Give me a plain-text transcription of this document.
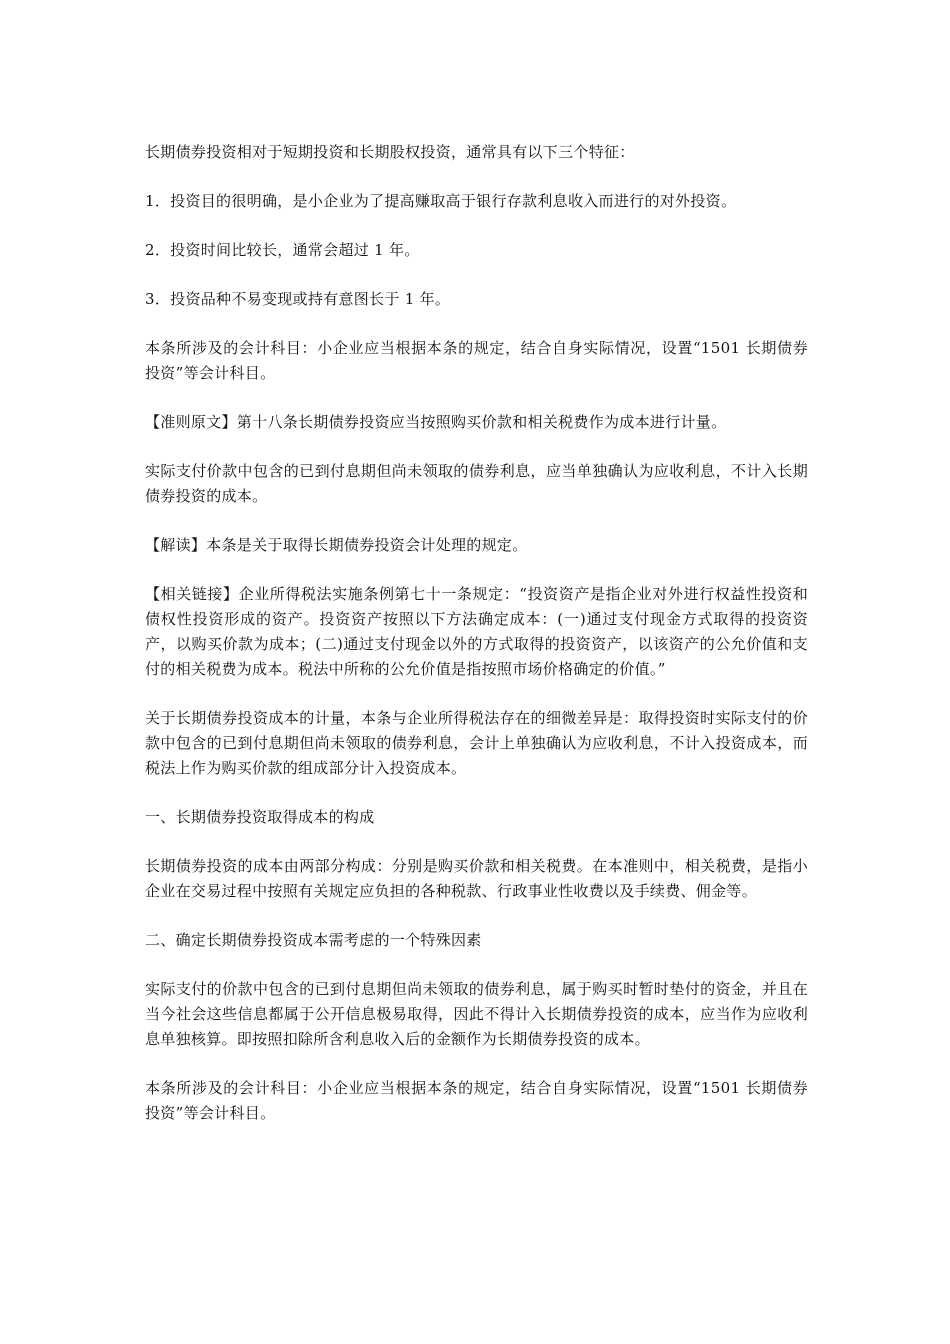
长期债券投资相对于短期投资和长期股权投资，通常具有以下三个特征：

1．投资目的很明确，是小企业为了提高赚取高于银行存款利息收入而进行的对外投资。

2．投资时间比较长，通常会超过 1 年。

3．投资品种不易变现或持有意图长于 1 年。

本条所涉及的会计科目：小企业应当根据本条的规定，结合自身实际情况，设置“1501 长期债券投资”等会计科目。

【准则原文】第十八条长期债券投资应当按照购买价款和相关税费作为成本进行计量。

实际支付价款中包含的已到付息期但尚未领取的债券利息，应当单独确认为应收利息，不计入长期债券投资的成本。

【解读】本条是关于取得长期债券投资会计处理的规定。

【相关链接】企业所得税法实施条例第七十一条规定：“投资资产是指企业对外进行权益性投资和债权性投资形成的资产。投资资产按照以下方法确定成本：(一)通过支付现金方式取得的投资资产，以购买价款为成本；(二)通过支付现金以外的方式取得的投资资产，以该资产的公允价值和支付的相关税费为成本。税法中所称的公允价值是指按照市场价格确定的价值。”

关于长期债券投资成本的计量，本条与企业所得税法存在的细微差异是：取得投资时实际支付的价款中包含的已到付息期但尚未领取的债券利息，会计上单独确认为应收利息，不计入投资成本，而税法上作为购买价款的组成部分计入投资成本。

一、长期债券投资取得成本的构成

长期债券投资的成本由两部分构成：分别是购买价款和相关税费。在本准则中，相关税费，是指小企业在交易过程中按照有关规定应负担的各种税款、行政事业性收费以及手续费、佣金等。

二、确定长期债券投资成本需考虑的一个特殊因素

实际支付的价款中包含的已到付息期但尚未领取的债券利息，属于购买时暂时垫付的资金，并且在当今社会这些信息都属于公开信息极易取得，因此不得计入长期债券投资的成本，应当作为应收利息单独核算。即按照扣除所含利息收入后的金额作为长期债券投资的成本。

本条所涉及的会计科目：小企业应当根据本条的规定，结合自身实际情况，设置“1501 长期债券投资”等会计科目。
